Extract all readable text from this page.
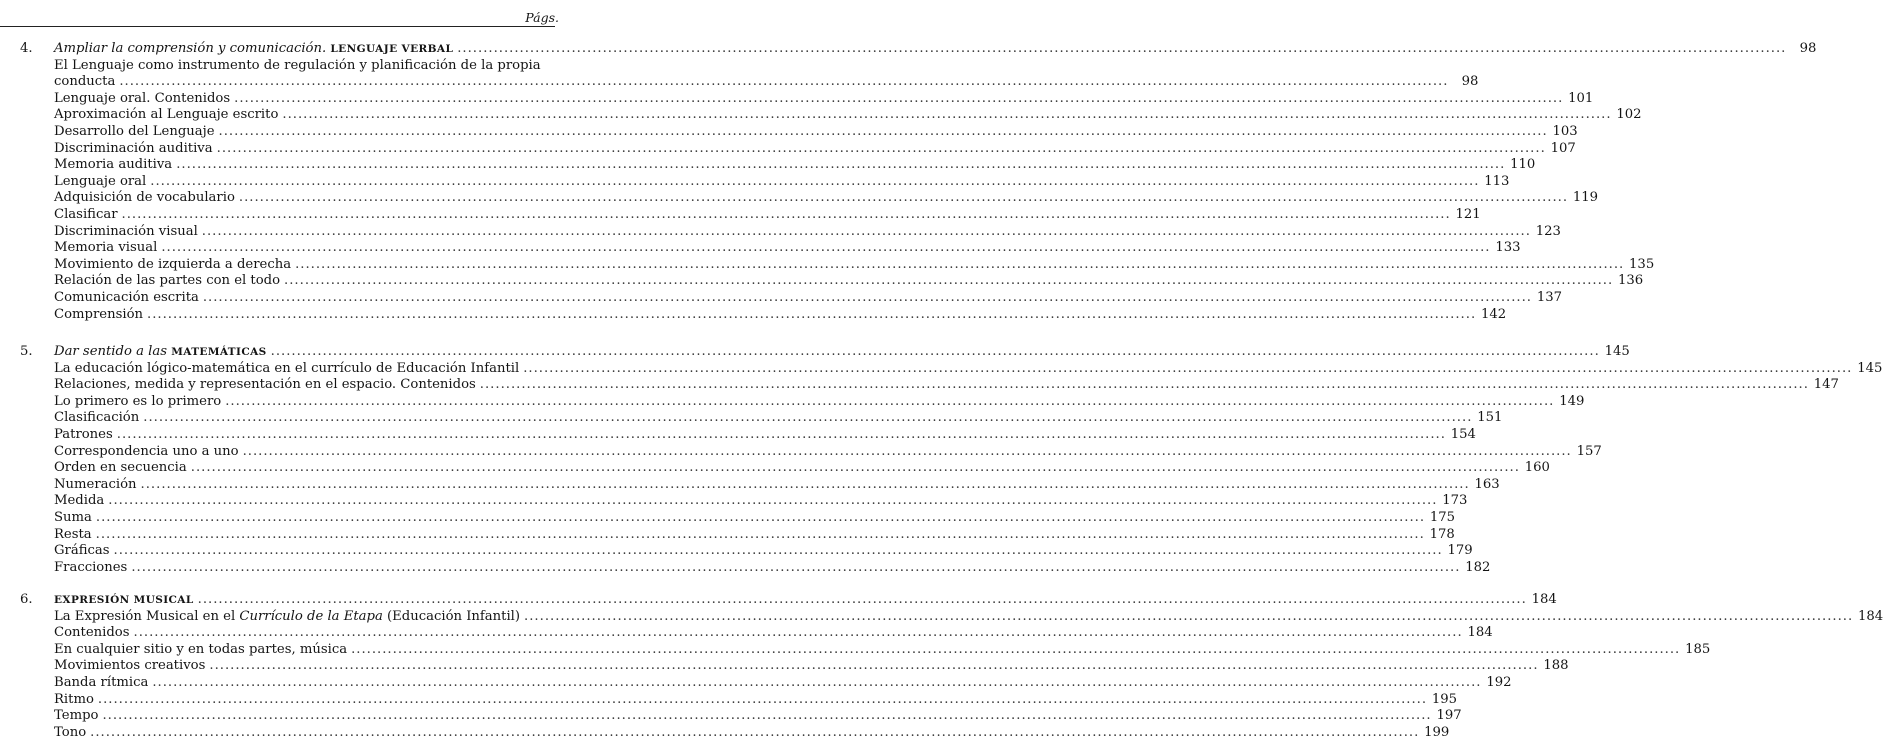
Págs.
4.	Ampliar la comprensión y comunicación. LENGUAJE VERBAL .....	98
El Lenguaje como instrumento de regulación y planificación de la propia
conducta .....	98
Lenguaje oral. Contenidos .....	101
Aproximación al Lenguaje escrito .....	102
Desarrollo del Lenguaje .....	103
Discriminación auditiva .....	107
Memoria auditiva .....	110
Lenguaje oral .....	113
Adquisición de vocabulario .....	119
Clasificar .....	121
Discriminación visual .....	123
Memoria visual .....	133
Movimiento de izquierda a derecha .....	135
Relación de las partes con el todo .....	136
Comunicación escrita .....	137
Comprensión .....	142
5.	Dar sentido a las MATEMÁTICAS .....	145
La educación lógico-matemática en el currículo de Educación Infantil .....	145
Relaciones, medida y representación en el espacio. Contenidos .....	147
Lo primero es lo primero .....	149
Clasificación .....	151
Patrones .....	154
Correspondencia uno a uno .....	157
Orden en secuencia .....	160
Numeración .....	163
Medida .....	173
Suma .....	175
Resta .....	178
Gráficas .....	179
Fracciones .....	182
6.	EXPRESIÓN MUSICAL .....	184
La Expresión Musical en el Currículo de la Etapa (Educación Infantil) .....	184
Contenidos .....	184
En cualquier sitio y en todas partes, música .....	185
Movimientos creativos .....	188
Banda rítmica .....	192
Ritmo .....	195
Tempo .....	197
Tono .....	199
